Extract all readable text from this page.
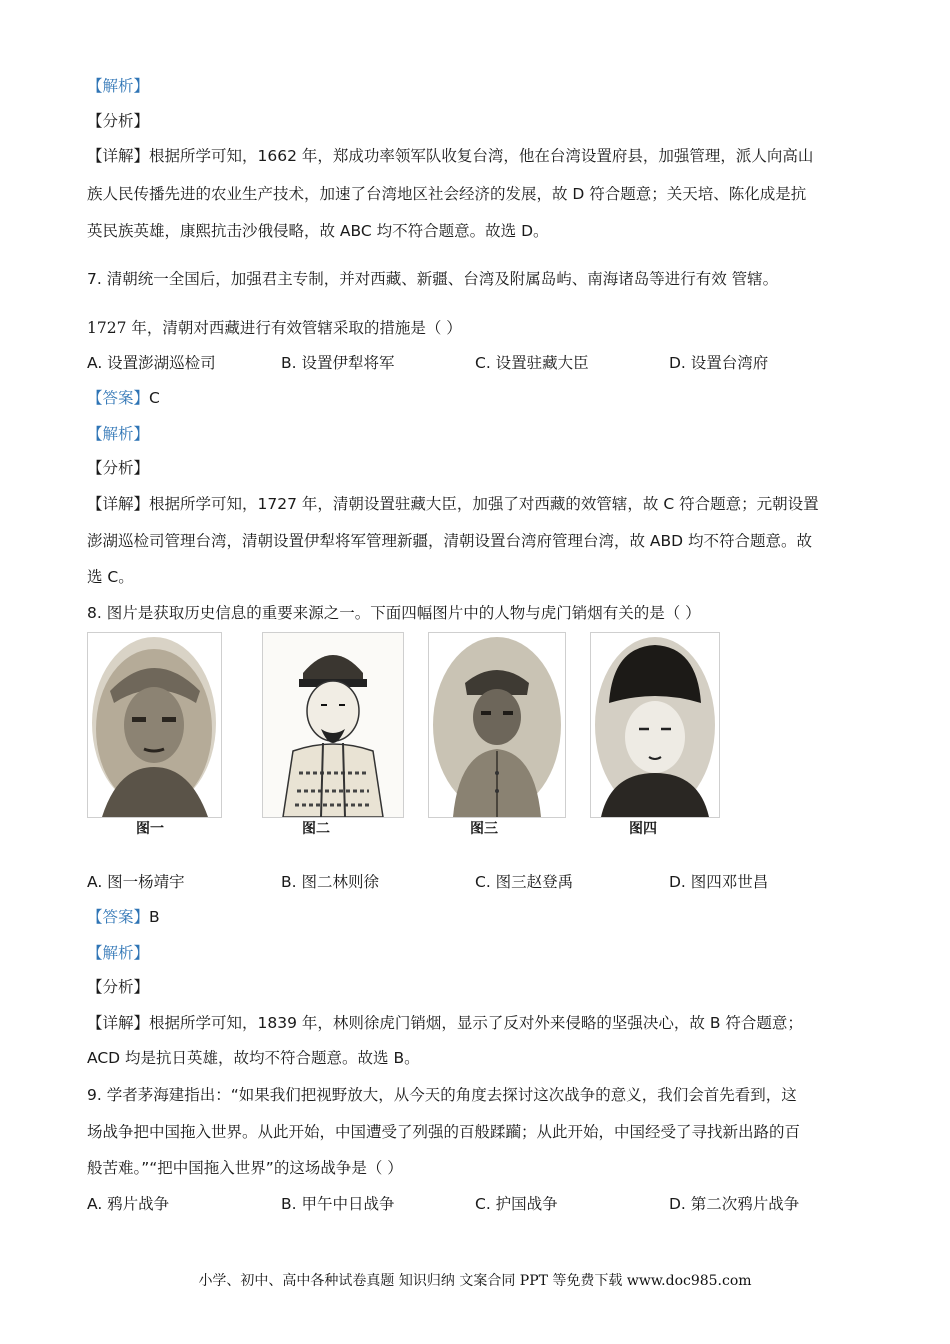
【解析】
【分析】
【详解】根据所学可知，1662 年，郑成功率领军队收复台湾，他在台湾设置府县，加强管理，派人向高山
族人民传播先进的农业生产技术，加速了台湾地区社会经济的发展，故 D 符合题意；关天培、陈化成是抗
英民族英雄，康熙抗击沙俄侵略，故 ABC 均不符合题意。故选 D。
7. 清朝统一全国后，加强君主专制，并对西藏、新疆、台湾及附属岛屿、南海诸岛等进行有效 管辖。
1727 年，清朝对西藏进行有效管辖采取的措施是（ ）
A. 设置澎湖巡检司	B. 设置伊犁将军	C. 设置驻藏大臣	D. 设置台湾府
【答案】C
【解析】
【分析】
【详解】根据所学可知，1727 年，清朝设置驻藏大臣，加强了对西藏的效管辖，故 C 符合题意；元朝设置
澎湖巡检司管理台湾，清朝设置伊犁将军管理新疆，清朝设置台湾府管理台湾，故 ABD 均不符合题意。故
选 C。
8. 图片是获取历史信息的重要来源之一。下面四幅图片中的人物与虎门销烟有关的是（ ）
图一	图二	图三	图四
A. 图一杨靖宇	B. 图二林则徐	C. 图三赵登禹	D. 图四邓世昌
【答案】B
【解析】
【分析】
【详解】根据所学可知，1839 年，林则徐虎门销烟，显示了反对外来侵略的坚强决心，故 B 符合题意；
ACD 均是抗日英雄，故均不符合题意。故选 B。
9. 学者茅海建指出：“如果我们把视野放大，从今天的角度去探讨这次战争的意义，我们会首先看到，这
场战争把中国拖入世界。从此开始，中国遭受了列强的百般蹂躏；从此开始，中国经受了寻找新出路的百
般苦难。”“把中国拖入世界”的这场战争是（ ）
A. 鸦片战争	B. 甲午中日战争	C. 护国战争	D. 第二次鸦片战争
小学、初中、高中各种试卷真题 知识归纳 文案合同 PPT 等免费下载 www.doc985.com
